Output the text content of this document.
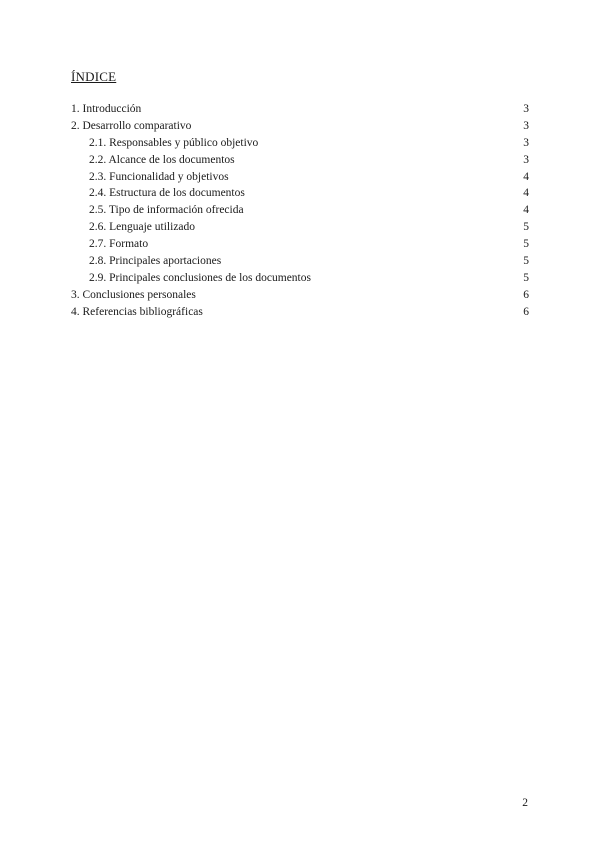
ÍNDICE
1. Introducción	3
2. Desarrollo comparativo	3
2.1. Responsables y público objetivo	3
2.2. Alcance de los documentos	3
2.3. Funcionalidad y objetivos	4
2.4. Estructura de los documentos	4
2.5. Tipo de información ofrecida	4
2.6. Lenguaje utilizado	5
2.7. Formato	5
2.8. Principales aportaciones	5
2.9. Principales conclusiones de los documentos	5
3. Conclusiones personales	6
4. Referencias bibliográficas	6
2
